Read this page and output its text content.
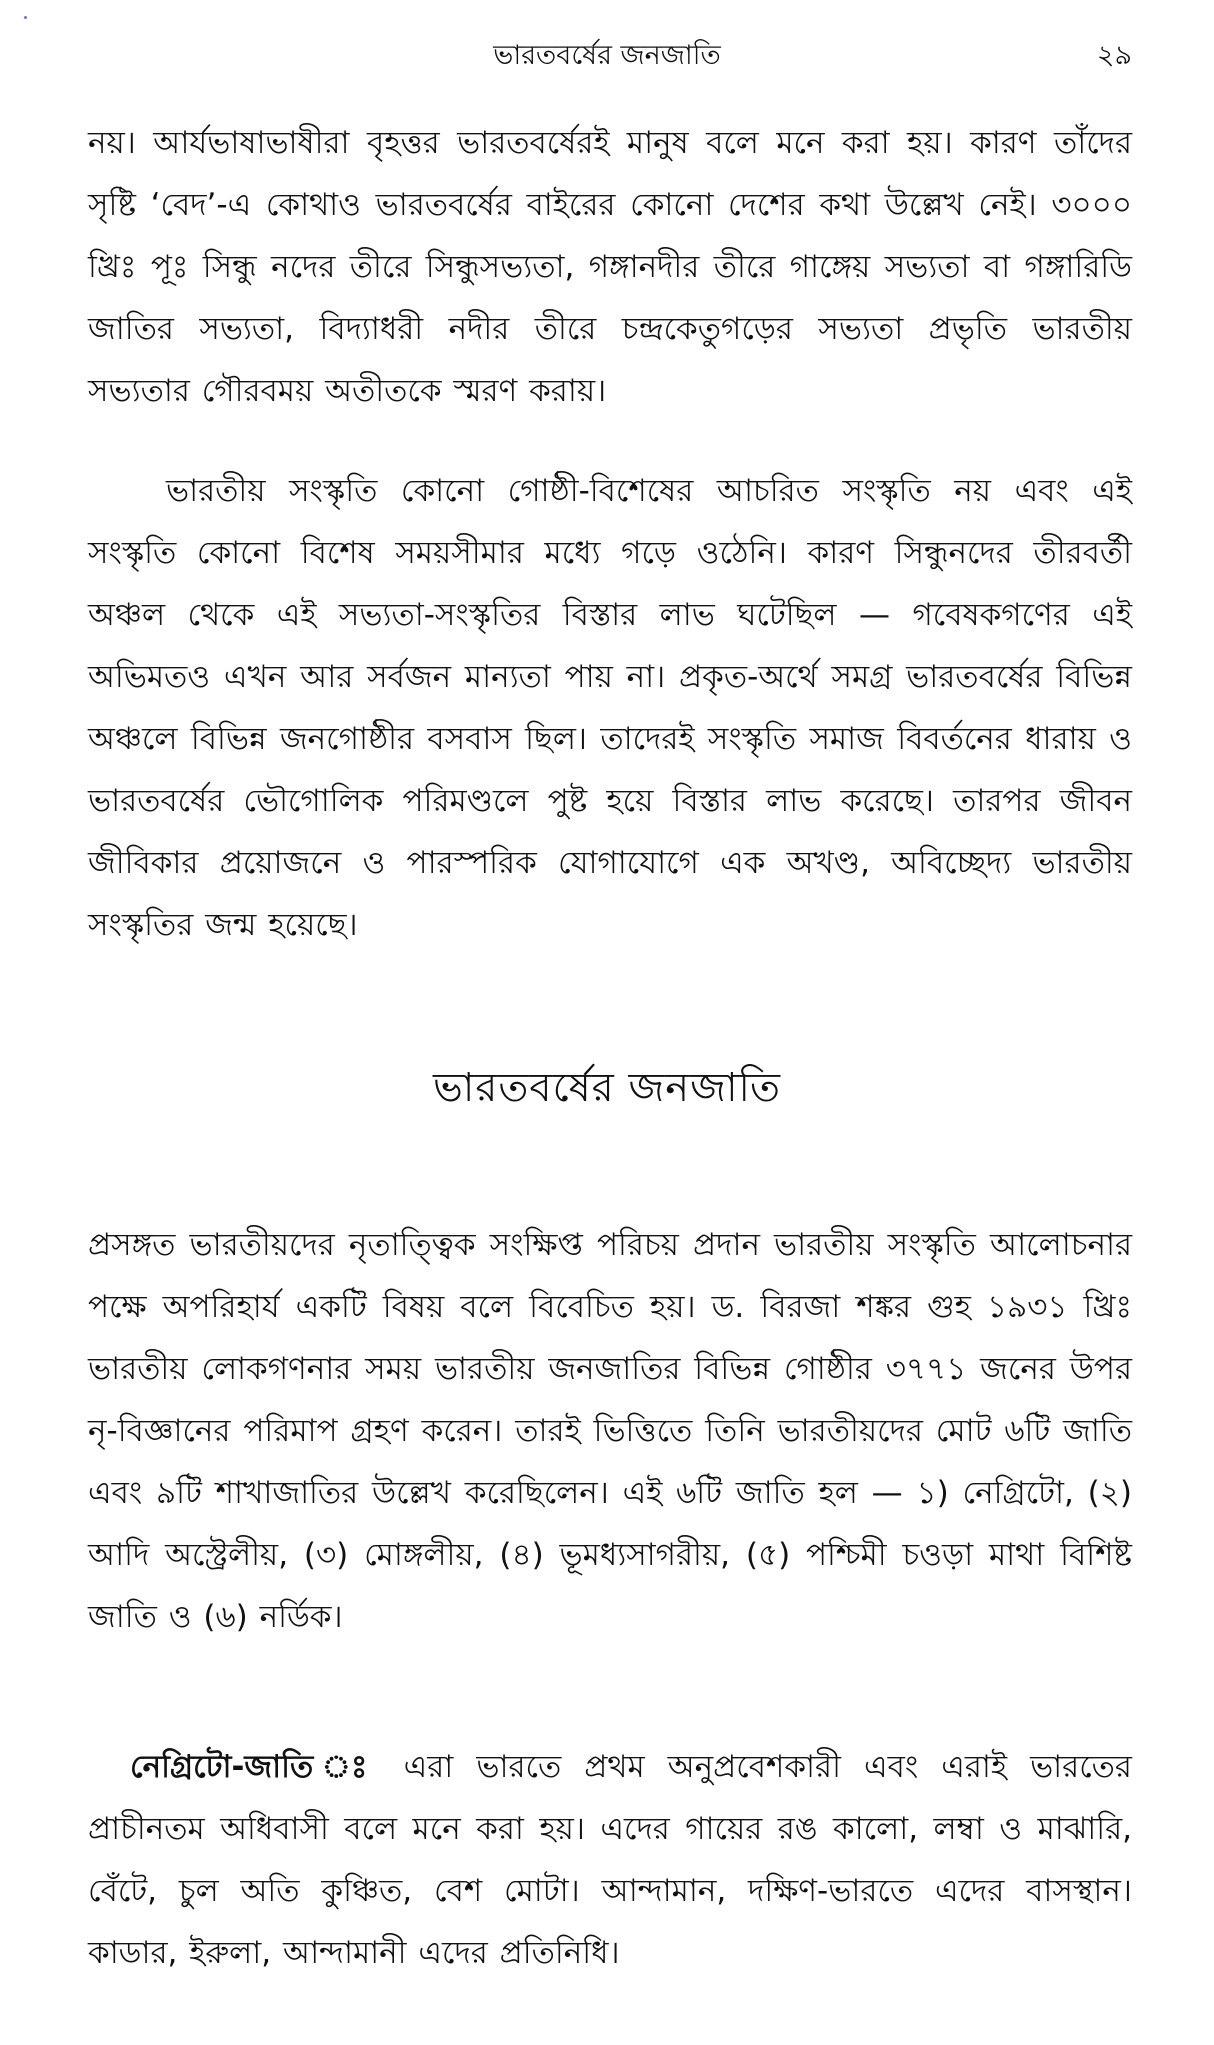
ভারতবর্ষের জনজাতি	২৯

নয়। আর্যভাষাভাষীরা বৃহত্তর ভারতবর্ষেরই মানুষ বলে মনে করা হয়। কারণ তাঁদের সৃষ্টি ‘বেদ’-এ কোথাও ভারতবর্ষের বাইরের কোনো দেশের কথা উল্লেখ নেই। ৩০০০ খ্রিঃ পূঃ সিন্ধু নদের তীরে সিন্ধুসভ্যতা, গঙ্গানদীর তীরে গাঙ্গেয় সভ্যতা বা গঙ্গারিডি জাতির সভ্যতা, বিদ্যাধরী নদীর তীরে চন্দ্রকেতুগড়ের সভ্যতা প্রভৃতি ভারতীয় সভ্যতার গৌরবময় অতীতকে স্মরণ করায়।

ভারতীয় সংস্কৃতি কোনো গোষ্ঠী-বিশেষের আচরিত সংস্কৃতি নয় এবং এই সংস্কৃতি কোনো বিশেষ সময়সীমার মধ্যে গড়ে ওঠেনি। কারণ সিন্ধুনদের তীরবর্তী অঞ্চল থেকে এই সভ্যতা-সংস্কৃতির বিস্তার লাভ ঘটেছিল — গবেষকগণের এই অভিমতও এখন আর সর্বজন মান্যতা পায় না। প্রকৃত-অর্থে সমগ্র ভারতবর্ষের বিভিন্ন অঞ্চলে বিভিন্ন জনগোষ্ঠীর বসবাস ছিল। তাদেরই সংস্কৃতি সমাজ বিবর্তনের ধারায় ও ভারতবর্ষের ভৌগোলিক পরিমণ্ডলে পুষ্ট হয়ে বিস্তার লাভ করেছে। তারপর জীবন জীবিকার প্রয়োজনে ও পারস্পরিক যোগাযোগে এক অখণ্ড, অবিচ্ছেদ্য ভারতীয় সংস্কৃতির জন্ম হয়েছে।

ভারতবর্ষের জনজাতি

প্রসঙ্গত ভারতীয়দের নৃতাত্ত্বিক সংক্ষিপ্ত পরিচয় প্রদান ভারতীয় সংস্কৃতি আলোচনার পক্ষে অপরিহার্য একটি বিষয় বলে বিবেচিত হয়। ড. বিরজা শঙ্কর গুহ ১৯৩১ খ্রিঃ ভারতীয় লোকগণনার সময় ভারতীয় জনজাতির বিভিন্ন গোষ্ঠীর ৩৭৭১ জনের উপর নৃ-বিজ্ঞানের পরিমাপ গ্রহণ করেন। তারই ভিত্তিতে তিনি ভারতীয়দের মোট ৬টি জাতি এবং ৯টি শাখাজাতির উল্লেখ করেছিলেন। এই ৬টি জাতি হল — ১) নেগ্রিটো, (২) আদি অস্ট্রেলীয়, (৩) মোঙ্গলীয়, (৪) ভূমধ্যসাগরীয়, (৫) পশ্চিমী চওড়া মাথা বিশিষ্ট জাতি ও (৬) নর্ডিক।

নেগ্রিটো-জাতি ঃ এরা ভারতে প্রথম অনুপ্রবেশকারী এবং এরাই ভারতের প্রাচীনতম অধিবাসী বলে মনে করা হয়। এদের গায়ের রঙ কালো, লম্বা ও মাঝারি, বেঁটে, চুল অতি কুঞ্চিত, বেশ মোটা। আন্দামান, দক্ষিণ-ভারতে এদের বাসস্থান। কাডার, ইরুলা, আন্দামানী এদের প্রতিনিধি।
